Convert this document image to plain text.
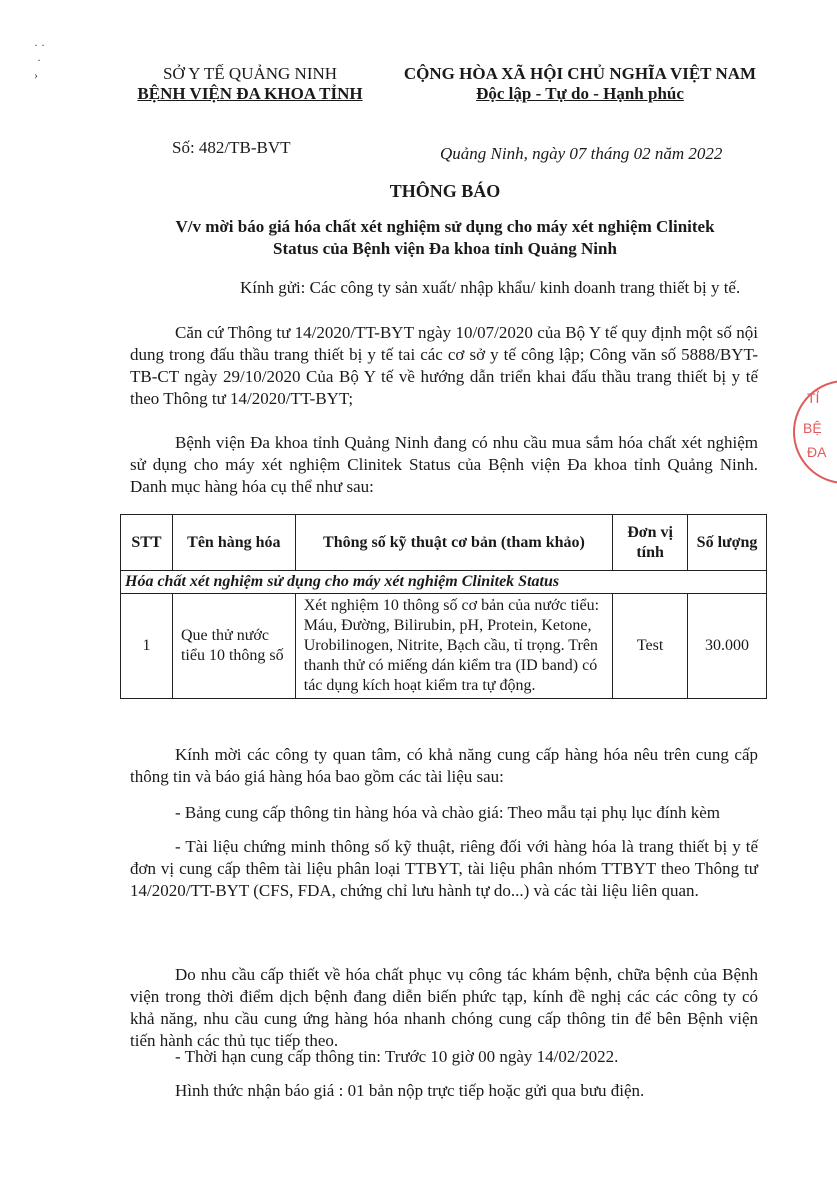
· ·
·
›	SỞ Y TẾ QUẢNG NINH
BỆNH VIỆN ĐA KHOA TỈNH
CỘNG HÒA XÃ HỘI CHỦ NGHĨA VIỆT NAM
Độc lập - Tự do - Hạnh phúc
Số: 482/TB-BVT	Quảng Ninh, ngày 07 tháng 02 năm 2022
THÔNG BÁO
V/v mời báo giá hóa chất xét nghiệm sử dụng cho máy xét nghiệm Clinitek
Status của Bệnh viện Đa khoa tỉnh Quảng Ninh
Kính gửi: Các công ty sản xuất/ nhập khẩu/ kinh doanh trang thiết bị y tế.
Căn cứ Thông tư 14/2020/TT-BYT ngày 10/07/2020 của Bộ Y tế quy định một số nội dung trong đấu thầu trang thiết bị y tế tai các cơ sở y tế công lập; Công văn số 5888/BYT-TB-CT ngày 29/10/2020 Của Bộ Y tế về hướng dẫn triển khai đấu thầu trang thiết bị y tế theo Thông tư 14/2020/TT-BYT;
Bệnh viện Đa khoa tỉnh Quảng Ninh đang có nhu cầu mua sắm hóa chất xét nghiệm sử dụng cho máy xét nghiệm Clinitek Status của Bệnh viện Đa khoa tỉnh Quảng Ninh. Danh mục hàng hóa cụ thể như sau:
STT	Tên hàng hóa	Thông số kỹ thuật cơ bản (tham khảo)	Đơn vị tính	Số lượng
Hóa chất xét nghiệm sử dụng cho máy xét nghiệm Clinitek Status				
1	Que thử nước tiểu 10 thông số	Xét nghiệm 10 thông số cơ bản của nước tiểu: Máu, Đường, Bilirubin, pH, Protein, Ketone, Urobilinogen, Nitrite, Bạch cầu, tỉ trọng. Trên thanh thử có miếng dán kiểm tra (ID band) có tác dụng kích hoạt kiểm tra tự động.	Test	30.000
Kính mời các công ty quan tâm, có khả năng cung cấp hàng hóa nêu trên cung cấp thông tin và báo giá hàng hóa bao gồm các tài liệu sau:
- Bảng cung cấp thông tin hàng hóa và chào giá: Theo mẫu tại phụ lục đính kèm
- Tài liệu chứng minh thông số kỹ thuật, riêng đối với hàng hóa là trang thiết bị y tế đơn vị cung cấp thêm tài liệu phân loại TTBYT, tài liệu phân nhóm TTBYT theo Thông tư 14/2020/TT-BYT (CFS, FDA, chứng chỉ lưu hành tự do...) và các tài liệu liên quan.
Do nhu cầu cấp thiết về hóa chất phục vụ công tác khám bệnh, chữa bệnh của Bệnh viện trong thời điểm dịch bệnh đang diễn biến phức tạp, kính đề nghị các các công ty có khả năng, nhu cầu cung ứng hàng hóa nhanh chóng cung cấp thông tin để bên Bệnh viện tiến hành các thủ tục tiếp theo.
- Thời hạn cung cấp thông tin: Trước 10 giờ 00 ngày 14/02/2022.
Hình thức nhận báo giá : 01 bản nộp trực tiếp hoặc gửi qua bưu điện.
TỈ
BỆ
ĐA
